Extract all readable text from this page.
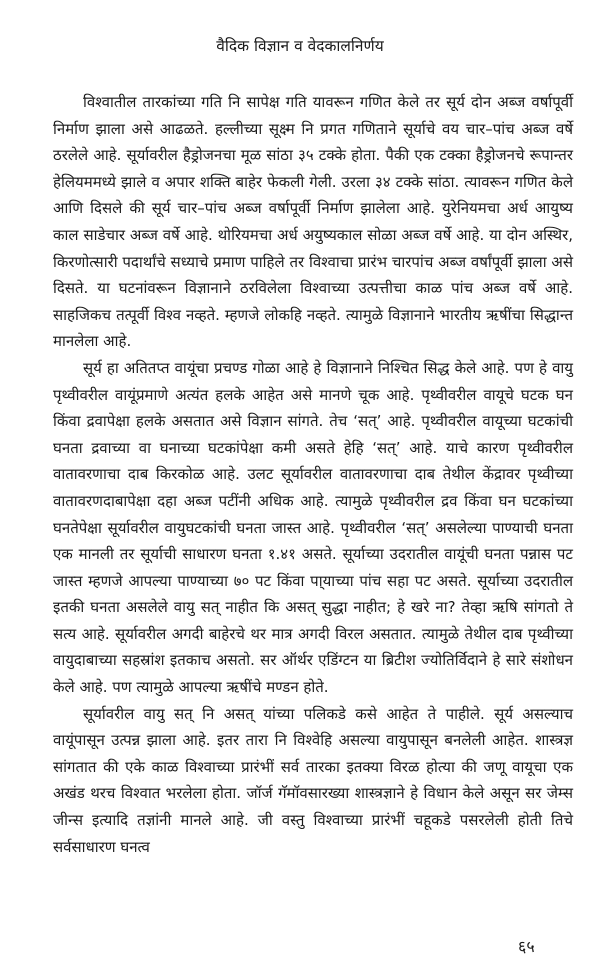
वैदिक विज्ञान व वेदकालनिर्णय

विश्वातील तारकांच्या गति नि सापेक्ष गति यावरून गणित केले तर सूर्य दोन अब्ज वर्षापूर्वी निर्माण झाला असे आढळते. हल्लीच्या सूक्ष्म नि प्रगत गणिताने सूर्याचे वय चार–पांच अब्ज वर्षे ठरलेले आहे. सूर्यावरील हैड्रोजनचा मूळ सांठा ३५ टक्के होता. पैकी एक टक्का हैड्रोजनचे रूपान्तर हेलियममध्ये झाले व अपार शक्ति बाहेर फेकली गेली. उरला ३४ टक्के सांठा. त्यावरून गणित केले आणि दिसले की सूर्य चार–पांच अब्ज वर्षापूर्वी निर्माण झालेला आहे. युरेनियमचा अर्ध आयुष्य काल साडेचार अब्ज वर्षे आहे. थोरियमचा अर्ध अयुष्यकाल सोळा अब्ज वर्षे आहे. या दोन अस्थिर, किरणोत्सारी पदार्थांचे सध्याचे प्रमाण पाहिले तर विश्वाचा प्रारंभ चारपांच अब्ज वर्षांपूर्वी झाला असे दिसते. या घटनांवरून विज्ञानाने ठरविलेला विश्वाच्या उत्पत्तीचा काळ पांच अब्ज वर्षे आहे. साहजिकच तत्पूर्वी विश्व नव्हते. म्हणजे लोकहि नव्हते. त्यामुळे विज्ञानाने भारतीय ऋषींचा सिद्धान्त मानलेला आहे.

सूर्य हा अतितप्त वायूंचा प्रचण्ड गोळा आहे हे विज्ञानाने निश्चित सिद्ध केले आहे. पण हे वायु पृथ्वीवरील वायूंप्रमाणे अत्यंत हलके आहेत असे मानणे चूक आहे. पृथ्वीवरील वायूचे घटक घन किंवा द्रवापेक्षा हलके असतात असे विज्ञान सांगते. तेच ‘सत्’ आहे. पृथ्वीवरील वायूच्या घटकांची घनता द्रवाच्या वा घनाच्या घटकांपेक्षा कमी असते हेहि ‘सत्’ आहे. याचे कारण पृथ्वीवरील वातावरणाचा दाब किरकोळ आहे. उलट सूर्यावरील वातावरणाचा दाब तेथील केंद्रावर पृथ्वीच्या वातावरणदाबापेक्षा दहा अब्ज पटींनी अधिक आहे. त्यामुळे पृथ्वीवरील द्रव किंवा घन घटकांच्या घनतेपेक्षा सूर्यावरील वायुघटकांची घनता जास्त आहे. पृथ्वीवरील ‘सत्’ असलेल्या पाण्याची घनता एक मानली तर सूर्याची साधारण घनता १.४१ असते. सूर्याच्या उदरातील वायूंची घनता पन्नास पट जास्त म्हणजे आपल्या पाण्याच्या ७० पट किंवा पा्याच्या पांच सहा पट असते. सूर्याच्या उदरातील इतकी घनता असलेले वायु सत् नाहीत कि असत् सुद्धा नाहीत; हे खरे ना? तेव्हा ऋषि सांगतो ते सत्य आहे. सूर्यावरील अगदी बाहेरचे थर मात्र अगदी विरल असतात. त्यामुळे तेथील दाब पृथ्वीच्या वायुदाबाच्या सहस्रांश इतकाच असतो. सर ऑर्थर एडिंग्टन या ब्रिटीश ज्योतिर्विदाने हे सारे संशोधन केले आहे. पण त्यामुळे आपल्या ऋषींचे मण्डन होते.

सूर्यावरील वायु सत् नि असत् यांच्या पलिकडे कसे आहेत ते पाहीले. सूर्य असल्याच वायूंपासून उत्पन्न झाला आहे. इतर तारा नि विश्वेहि असल्या वायुपासून बनलेली आहेत. शास्त्रज्ञ सांगतात की एके काळ विश्वाच्या प्रारंभीं सर्व तारका इतक्या विरळ होत्या की जणू वायूचा एक अखंड थरच विश्वात भरलेला होता. जॉर्ज गॅमॉवसारख्या शास्त्रज्ञाने हे विधान केले असून सर जेम्स जीन्स इत्यादि तज्ञांनी मानले आहे. जी वस्तु विश्वाच्या प्रारंभीं चहूकडे पसरलेली होती तिचे सर्वसाधारण घनत्व

६५
